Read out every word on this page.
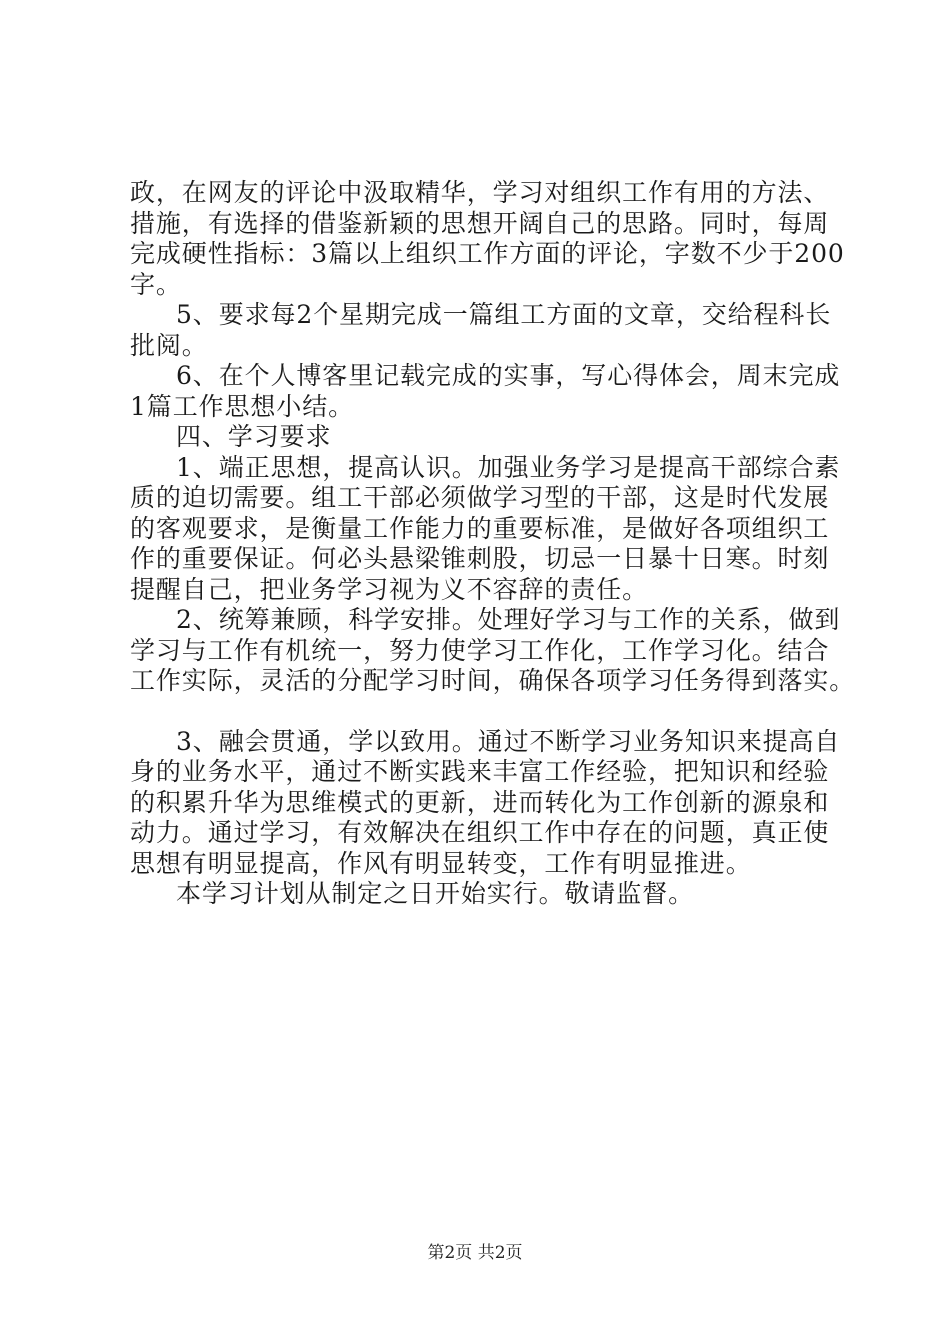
政，在网友的评论中汲取精华，学习对组织工作有用的方法、
措施，有选择的借鉴新颖的思想开阔自己的思路。同时，每周
完成硬性指标：3篇以上组织工作方面的评论，字数不少于200
字。
5、要求每2个星期完成一篇组工方面的文章，交给程科长
批阅。
6、在个人博客里记载完成的实事，写心得体会，周末完成
1篇工作思想小结。
四、学习要求
1、端正思想，提高认识。加强业务学习是提高干部综合素
质的迫切需要。组工干部必须做学习型的干部，这是时代发展
的客观要求，是衡量工作能力的重要标准，是做好各项组织工
作的重要保证。何必头悬梁锥刺股，切忌一日暴十日寒。时刻
提醒自己，把业务学习视为义不容辞的责任。
2、统筹兼顾，科学安排。处理好学习与工作的关系，做到
学习与工作有机统一，努力使学习工作化，工作学习化。结合
工作实际，灵活的分配学习时间，确保各项学习任务得到落实。
3、融会贯通，学以致用。通过不断学习业务知识来提高自
身的业务水平，通过不断实践来丰富工作经验，把知识和经验
的积累升华为思维模式的更新，进而转化为工作创新的源泉和
动力。通过学习，有效解决在组织工作中存在的问题，真正使
思想有明显提高，作风有明显转变，工作有明显推进。
本学习计划从制定之日开始实行。敬请监督。
第2页 共2页
